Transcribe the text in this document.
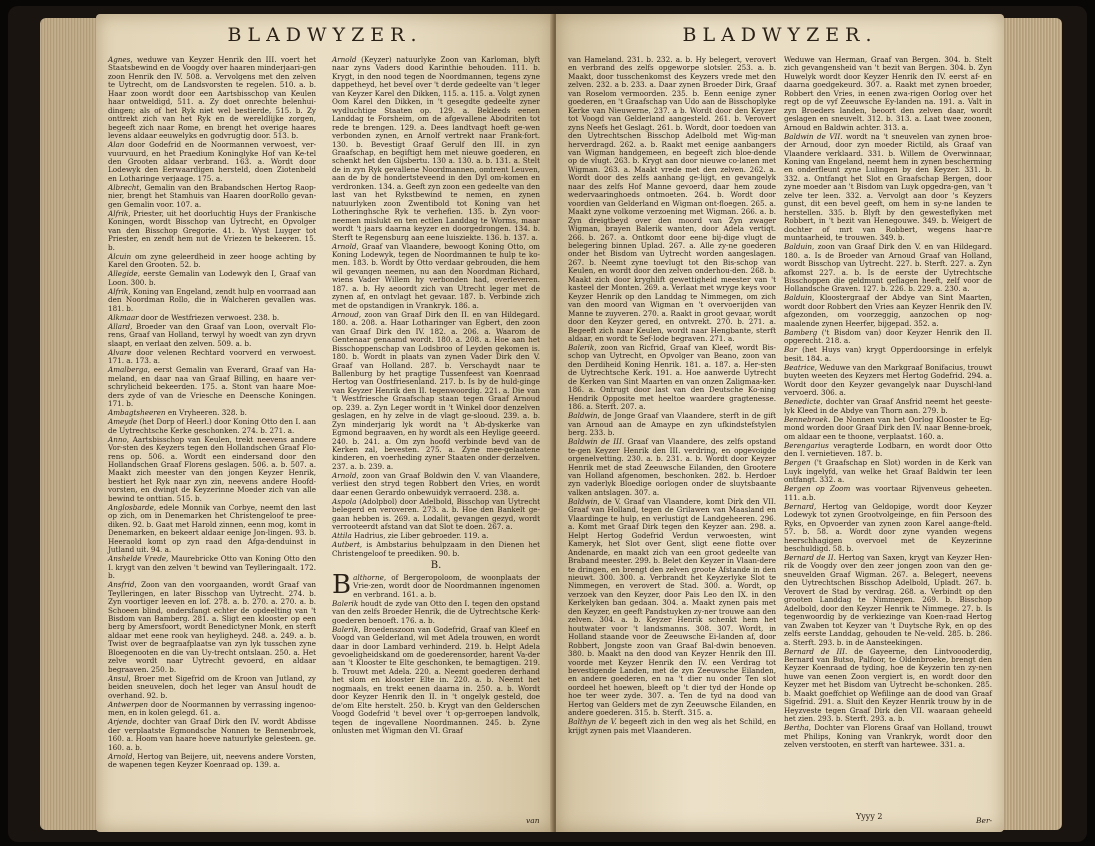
BLADWYZER.

Agnes, weduwe van Keyzer Henrik den III. voert het Staatsbewind en de Voogdy over haaren minderjaari-gen zoon Henrik den IV. 508. a. Vervolgens met den zelven te Uytrecht, om de Landsvorsten te regelen. 510. a. b. Haar zoon wordt door een Aartsbisschop van Keulen haar ontweldigd, 511. a. Zy doet onrechte belenhui-dingen; als of het Ryk niet wel bestierde, 515. b. Zy onttrekt zich van het Ryk en de wereldlijke zorgen, begeeft zich naar Rome, en brengt het overige haares levens aldaar eeuwelyks en godvrugtig door. 513. b.

Alan door Godefrid en de Noormannen verwoest, ver-vuurvuurd, en het Praedium Koninglyke Hof van Ke-tel den Grooten aldaar verbrand. 163. a. Wordt door Lodewyk den Eerwaardigen hersteld, doen Ziotenbeld en Lotharinge verjaage. 175. a.

Albrecht, Gemalin van den Brabandschen Hertog Raop-nier, brengt het Stamhuis van Haaren doorRollo gevan-gen Gemalin voor. 107. a.

Alfrik, Priester, uit het doorluchtig Huys der Frankische Koningen, wordt Bisschop van Uytrecht, en Opvolger van den Bisschop Gregorie. 41. b. Wyst Luyger tot Priester, en zendt hem nut de Vriezen te bekeeren. 15. b.

Alcuin om zyne geleerdheid in zeer hooge achting by Karel den Grooten. 52. b.

Allegide, eerste Gemalin van Lodewyk den I, Graaf van Loon. 300. b.

Alfrik, Koning van Engeland, zendt hulp en voorraad aan den Noordman Rollo, die in Walcheren gevallen was. 181. b.

Alkmaar door de Westfriezen verwoest. 238. b.

Allard, Broeder van den Graaf van Loon, overvalt Flo-rens, Graaf van Holland, terwyl hy woedt van zyn dryvn slaapt, en verlaat den zelven. 509. a. b.

Alvare door velenen Rechtard voorverd en verwoest. 171. a. 173. a.

Amalberga, eerst Gemalin van Everard, Graaf van Ha-meland, en daar naa van Graaf Billing, en haare ver-schrylicheid bekeerden. 175. a. Stont van haare Moe-ders zyde of van de Vriesche en Deensche Koningen. 171. b.

Ambagtsheeren en Vryheeren. 328. b.

Ameyde (het Dorp of Heerl.) door Koning Otto den I. aan de Uytrechtsche Kerke geschonken. 274. b. 271. a.

Anno, Aartsbisschop van Keulen, trekt neevens andere Vor-sten des Keyzers tegen den Hollandschen Graaf Flo-rens op. 506. a. Wordt een eindersand door den Hollandschen Graaf Florens geslagen. 506. a. b. 507. a. Maakt zich meester van den jongen Keyzer Henrik, bestiert het Ryk naar zyn zin, neevens andere Hoofd-vorsten, en dwingt de Keyzerinne Moeder zich van alle bewind te onttian. 515. b.

Anglosbarde, edele Monnik van Corbye, neemt den last op zich, om in Denemarken het Christengeloof te pree-diken. 92. b. Gaat met Harold zinnen, eenn mog, komt in Denemarken, en bekeert aldaar eenige Jon-lingen. 93. b. Heeraold komt op zyn raad den Afga-denduinst in Jutland uit. 94. a.

Anshelde Vrede, Maurebricke Otto van Koning Otto den I. krygt van den zelven 't bewind van Teylleringaalt. 172. b.

Ansfrid, Zoon van den voorgaanden, wordt Graaf van Teylleringen, en later Bisschop van Uytrecht. 274. b. Zyn voortiger leeven en lof. 278. a. b. 270. a. 270. a. b. Schoeen blind, ondersfangt echter de opdeelting van 't Bisdom van Bamberg. 281. a. Sligt een klooster op een berg by Amersfoort, wordt Benedictyner Monk, en sterft aldaar met eene rook van heyligheyd. 248. a. 249. a. b. Twist over de begraafplaatse van zyn lyk tusschen zyne Bloegenooten en die van Uy-trecht ontslaan. 250. a. Het zelve wordt naar Uytrecht gevoerd, en aldaar begraaven. 250. b.

Ansul, Broer met Sigefrid om de Kroon van Jutland, zy beiden sneuvelen, doch het leger van Ansul houdt de overhand. 92. b.

Antwerpen door de Noormannen by verrassing ingenoo-men, en in kolen gelegd. 61. a.

Arjende, dochter van Graaf Dirk den IV. wordt Abdisse der verplaatste Egmondsche Nonnen te Bennenbroek, 160. a. Hoom van haare hoeve natuurlyke gelesteen. ge. 160. a. b.

Arnold, Hertog van Beijere, uit, neevens andere Vorsten, de wapenen tegen Keyzer Koenraad op. 139. a.

Arnold (Keyzer) natuurlyke Zoon van Karloman, blyft naar zyns Vaders dood Karinthie behouden. 111. b. Krygt, in den nood tegen de Noordmannen, tegens zyne dappetheyd, het bevel over 't derde gedeelte van 't leger van Keyzer Karel den Dikken, 115. a. 115. a. Volgt zynen Oom Karel den Dikken, in 't gesegdte gedeelte zyner wydluchtige Staaten op. 129. a. Bekleeds eenen Landdag te Forsheim, om de afgevallene Abodriten tot rede te brengen. 129. a. Dees landtvagt hoeft ge-wen verbonden zynen, en Arnolf vertrekt naar Frank-fort. 130. b. Bevestigt Graaf Gerulf den III. in zyn Graafschap, en begiftigt hem met nieuwe goederen, en schenkt het den Gijsbertu. 130 a. 130. a. b. 131. a. Stelt de in zyn Ryk gevallene Noordmannen, omtrent Leuven, aan de by de hondertsteveend in den Dyl om-komen en verdronken. 134. a. Geeft zyn zoon een gedeelte van den last van het Rykstbewind te nemen, en zynen natuurlyken zoon Zwentibold tot Koning van het Lotheringhsche Ryk te verhefien. 135. b. Zyn voor-neemen mislukt en ten ectlen Landdag te Worms, maar wordt 't jaars daarna keyzer en doorgedrongen. 134. b. Sterft te Regensburg aan eene luisziekte. 136. b. 137. a.

Arnold, Graaf van Vlaandere, bewoogt Koning Otto, om Koning Lodewyk, tegen de Noordmannen te hulp te ko-men. 183. b. Wordt by Otto verdaar gebrouden, die hem wil gevangen neemen, nu aan den Noordman Richard, wiens Vader Willem hy verbonden had, overleveren. 187. a. b. Hy aeoordt zich van Utrecht leger met de zynen af, en ontvlagt het gevaar. 187. b. Verbinde zich met de opstandigen in Vrankryk. 186. a.

Arnoud, zoon van Graaf Dirk den II. en van Hildegard. 180. a. 208. a. Haar Lotharinger van Egbert, den zoon van Graaf Dirk den IV. 182. a. 206. a. Waarom de Gentenaar genaamd wordt. 180. a. 208. a. Hoe aan het Bisschoppenschap van Lodsbroo of Leyden gekomen is. 180. b. Wordt in plaats van zynen Vader Dirk den V. Graaf van Holland. 287. b. Verschaydt naar te Ballenburg by het pragtige Tussenfeest van Koenraad Hertog van Oostfriesenland. 217. b. Is by de huld-ginge van Keyzer Henrik den II. tegenwoordig. 221. a. Die van 't Westfriesche Graafschap staan tegen Graaf Arnoud op. 239. a. Zyn Leger wordt in 't Winkel door denzelven geslagen, en hy zelve in de vlagt ge-slooud. 239. a. b. Zyn minderjarig lyk wordt na 't Ab-dyskerke van Egmond begraaven, en hy wordt als een Heylige geeerd. 240. b. 241. a. Om zyn hoofd verbinde bevd van de Kerken zal, bevesten. 275. a. Zyne mee-gelaatene kinderen, en voerheding zyner Staaten onder derzelven. 237. a. b. 239. a.

Arnold, zoon van Graaf Boldwin den V. van Vlaandere, verliest den stryd tegen Robbert den Vries, en wordt daar eenen Gerardo onbewuidyk verraoerd. 238. a.

Aspola (Adolpbol) door Adelbold, Bisschop van Uytrecht belegerd en veroveren. 273. a. b. Hoe den Bankelt ge-gaan hebben is. 269. a. Lodalit, gevangen gezyd, wordt verrooteerdt afstand van dat Slot te doen. 267. a.

Attila Hadrius, zie Liber gebroeder. 119. a.

Autbert, is Ambstarius behulpzaam in den Dienen het Christengeloof te preediken. 90. b.

B.

Balthorne, of Bergeropoloom, de woonplaats der Vrie-zen, wordt door de Noordmannen ingenomen en verbrand. 161. a. b.

Balerik houdt de zyde van Otto den I. tegen den opstand van den zelfs Broeder Henrik, die de Uytrechtsche Kerk-goederen benoeft. 176. a. b.

Balerik, Broedenszoon van Godefrid, Graaf van Kleef en Voogd van Gelderland, wil met Adela trouwen, en wordt daar in door Lambard verhinderd. 219. b. Helpt Adela gevoeligheidskand om de goederensorder, harent Va-der aan 't Klooster te Elte geschonken, te bemagtigen. 219. b. Trouwt met Adela. 220. a. Neemt goederen derhand het slom en klooster Elte in. 220. a. b. Neemt het nogmaals, en trekt eenen daarna in. 250. a. b. Wordt door Keyzer Henrik den II. in 't ongelyk gesteld, doe de'om Elte herstelt. 250. b. Krygt van den Gelderschen Voogd Godefrid 't bevel over 't op-gerroepen landvolk, tegen de ingevallene Noordmannen. 245. b. Zyne onlusten met Wigman den VI. Graaf

van
BLADWYZER.

van Hameland. 231. b. 232. a. b. Hy belegert, verovert en verbrand des zelfs opgeworpe slotsler. 253. a. b. Maakt, door tusschenkomst des Keyzers vrede met den zelven. 232. a b. 233. a. Daar zynen Broeder Dirk, Graaf van Roselom vermoorden. 235. b. Eenn eenige zyner goederen, en 't Graafschap van Udo aan de Bisschoplyke Kerke van Nieuwerne, 237. a b. Wordt door den Keyzer tot Voogd van Gelderland aangesteld. 261. b. Verovert zyns Neefs het Geslagt. 261. b. Wordt, door toedoen van den Uytrechtschen Bisschop Adelbold met Wig-man herverdragd. 262. a. b. Raakt met eenige aanbangers van Wigman handgemeen, en begeeft zich bloe-dende op de vlugt. 263. b. Krygt aan door nieuwe co-lanen met Wigman. 263. a. Maakt vrede met den zelven. 262. a. Wordt door des zelfs aanhang ge-lijgt, en gevangelyk naar des zelfs Hof Manne gevoerd, daar hem zoude wedervaaringhoeds ontmoeten. 264. b. Wordt door voordien van Gelderland en Wigman ont-floegen. 265. a. Maakt zyne volkome verzoening met Wigman. 266. a. b. Zyn dreigtbeyd over den moord van Zyn zwager Wigman, brayen Balerik wanten, door Adela vertiqt. 266. b. 267. a. Ontkomt door eene bij-dige vlugt de belegering binnen Uplad. 267. a. Alle zy-ne goederen onder het Bisdom van Uytrecht worden aangeslagen. 267. b. Neemt zyne toevlugt tot den Bis-schop van Keulen, en wordt door den zelven onderhou-den. 268. b. Maakt zich door kryghlift gewettigheid meester van 't kasteel der Monten. 269. a. Verlaat met wryge keys voor Keyzer Henrik op den Landdag te Nimmegen, om zich van den moord van Wigman en 't overvoerijden van Manne te zuyveren. 270. a. Raakt in groot gevaar, wordt door den Keyzer gered, en ontvrekt. 270. b. 271. a. Begeeft zich naar Keulen, wordt naar Hengbante, sterft aldaar, en wordt te Sef-lode begraven. 271. a.

Balerik, zoon van Ricfrid, Graaf van Kleef, wordt Bis-schop van Uytrecht, en Opvolger van Beano, zoon van den Derdiheid Koning Henrik. 181. a. 187. a. Her-sten de Uytrechtsche Kerk. 191. a. Hoe aanwerde Uytrecht de Kerken van Sint Maarten en van onzen Zaligmaa-ker. 186. a. Ontrugt door last van den Deutsche Ko-ning Hendrik Opposite met heeltoe waardere gragtenesse. 186. a. Sterft. 207. a.

Baldwin, de Jonge Graaf van Vlaandere, sterft in de gift van Arnoud aan de Amaype en zyn ufkindstefstylen berg. 233. b.

Baldwin de III. Graaf van Vlaandere, des zelfs opstand te-gen Keyzer Henrik den III. verdring, en opgevoigde orgenelvetting. 230. a. b. 231. a. b. Wordt door Keyzer Henrik met de stad Zeeuwsche Eilanden, den Grootere van Holland afgenomen, beschonken. 282. b. Herdoer zyn vaderlyk Bloedige oorlogen onder de sluytsbaante valken antslagen. 307. a.

Baldwin, de V. Graaf van Vlaandere, komt Dirk den VII. Graaf van Holland, tegen de Grilawen van Maasland en Vlaardinge te hulp, en verlustigt de Landgeheeren. 296. a. Komt met Graaf Dirk tegen den Keyzer aan. 298. a. Helpt Hertog Godefrid Verdun verwoesten, wint Kameryk, het Slot over Gent, sligt eene flotte over Andenarde, en maakt zich van een groot gedeelte van Braband meester. 299. b. Belet den Keyzer in Vlaan-dere te dringen, en brengt den zelven groote Afstande in den nieuwt. 300. 300. a. Verbrandt het Keyzerlyke Slot te Nimmegen, en verovert de Stad. 300. a. Wordt, op verzoek van den Keyzer, door Pais Leo den IX. in den Kerkelyken ban gedaan. 304. a. Maakt zynen pais met den Keyzer, en geeft Pandstuyken zy-ner trouwe aan den zelven. 304. a. b. Keyzer Henrik schenkt hem het houtwater voor 't landsmanns. 308. 307. Wordt, in Holland staande voor de Zeeuwsche Ei-landen af, door Robbert, Jongste zoon van Graaf Bal-dwin benoeven. 380. b. Maakt na den dood van Keyzer Henrik den III. voorde met Keyzer Henrik den IV. een Verdrag tot bevestigende Landen, met de zyn Zeeuwsche Eilanden, en andere goederen, en na 't dier nu onder Ten slot oordeel het hoewen, bleeft op 't dier tyd der Honde op hoe ter weer zyde. 307. a. Ten de tyd na dood van Hertog van Gelders met de zyn Zeeuwsche Eilanden, en andere goederen. 315. b. Sterft. 315. a.

Balthyn de V. begeeft zich in den weg als het Schild, en krijgt zynen pais met Vlaanderen.

Weduwe van Herman, Graaf van Bergen. 304. b. Stelt zich gevangensheid van 't bezit van Bergen. 304. b. Zyn Huwelyk wordt door Keyzer Henrik den IV. eerst af- en daarna goedgekeurd. 307. a. Raakt met zynen broeder, Robbert den Vries, in eenen zwa-rigen Oorlog over het regt op de vyf Zeeuwsche Ey-landen na. 191. a. Valt in zyn Broeders landen, beoort den zelven daar, wordt geslagen en sneuvelt. 312. b. 313. a. Laat twee zoonen, Arnoud en Baldwin achter. 313. a.

Baldwin de VII. wordt na 't sneuvelen van zynen broe-der Arnoud, door zyn moeder Rictild, als Graaf van Vlaandere verklaard. 331. b. Willem de Overwinnaar, Koning van Engeland, neemt hem in zynen bescherming en onderfleunt zyne Lulingen by den Keyzer. 331. b. 332. a. Ontfangt het Slot en Graafschap Bergen, door zyne moeder aan 't Bisdom van Luyk opgedra-gen, van 't zelve ter leen. 332. a. Vervolgt aan door 's Keyzers gunst, dit een bevel geeft, om hem in sy-ne landen te herstellen. 335. b. Blyft by den gewesteflyken met Robbert, in 't bezit van Henegouwe. 349. b. Weigert de dochter of mrt van Robbert, wegens haar-re muntaarheid, te trouwen. 349. b.

Balduin, zoon van Graaf Dirk den V. en van Hildegard. 180. a. Is de Broeder van Arnoud Graaf van Holland, wordt Bisschop van Uytrecht. 227. b. Sterft. 227. a. Zyn afkomst 227. a. b. Is de eerste der Uytrechtsche Bisschoppen die geldmunt geflagen heeft, zelf voor de Hollandsche Graven. 127. b. 226. b. 229. a. 230. a.

Balduin, Kloostergraaf der Abdye van Sint Maarten, wordt door Robbert den Vries aan Keyzer Henrik den IV. afgezonden, om voorzeggig, aanzochen op nog-maalende zynen Heerfer, bijgepad. 352. a.

Bamberg ('t Bisdom van) door Keyzer Henrik den II. opgerecht. 218. a.

Bar (het Huys van) krygt Opperdoorsinge in erfelyk besit. 184. a.

Beatrice, Weduwe van den Markgraaf Bonifacius, trouwt buyten weeten des Keyzers met Hertog Godefrid. 294. a. Wordt door den Keyzer gevangelyk naar Duyschl-land vervoerd. 306. a.

Benedicte, dochter van Graaf Ansfrid neemt het geeste-lyk Kleed in de Abdye van Thorn aan. 279. b.

Bennebroek. De Nonnen van het Oorlog Klooster te Eg-mond worden door Graaf Dirk den IV. naar Benne-broek, om aldaar een te thoone, verplaatst. 160. a.

Berengarius veragterde Lodbarn, en wordt door Otto den I. vernietieven. 187. b.

Bergen ('t Graafschap en Slot) worden in de Kerk van Luyk ingelyfd, van welke het Graaf Baldwin ter leen ontfangt. 332. a.

Bergen op Zoom was voortaar Rijvenveus geheeten. 111. a.b.

Bernard, Hertog van Geldopige, wordt door Keyzer Lodewyk tot zynen Grootvolgeinge, en fiin Persoon des Ryks, en Opvoerder van zynen zoon Karel aange-fteld. 57. b. 58. a. Wordt door zyne vyanden wegens heerschhagigen overvoel met de Keyzerinne beschuldigd. 58. b.

Bernard de II. Hertog van Saxen, krygt van Keyzer Hen-rik de Voogdy over den zeer jongen zoon van den ge-sneuvelden Graaf Wigman. 267. a. Belegert, neevens den Uytrechtschen Bisschop Adelbold, Upladt. 267. b. Verovert de Stad by verdrag. 268. a. Verbindt op den grooten Landdag te Nimmegen. 269. b. Bisschop Adelbold, door den Keyzer Henrik te Nimmege. 27. b. Is tegenwoordig by de verkiezinge van Koen-raad Hertog van Zwaben tot Keyzer van 't Duytsche Ryk, en op des zelfs eerste Landdag, gehouden te Ne-veld. 285. b. 286. a. Sterft. 293. b. in de Aansteekingen.

Bernard de III. de Gayeerne, den Lintvoooderdig, Bernard van Butso, Palfoor, te Oldenbroeke, brengt den Keyzer Koenraad de tyding, hoe de Keyzerin ten zy-nen huwe van eenen Zoon vergiert is, en wordt door den Keyzer met het Bisdom van Uytrecht be-schonken. 285. b. Maakt goeffchiet op Wefilinge aan de dood van Graaf Sigefrid. 291. a. Sluit den Keyzer Henrik trouw by in de Heyzveste tegen Graaf Dirk den VII. waaraan geheeld het zien. 293. b. Sterft. 293. a. b.

Bertha, Dochter van Florens Graaf van Holland, trouwt met Philips, Koning van Vrankryk, wordt door den zelven verstooten, en sterft van hartewee. 331. a.

Yyyy 2	Ber-
